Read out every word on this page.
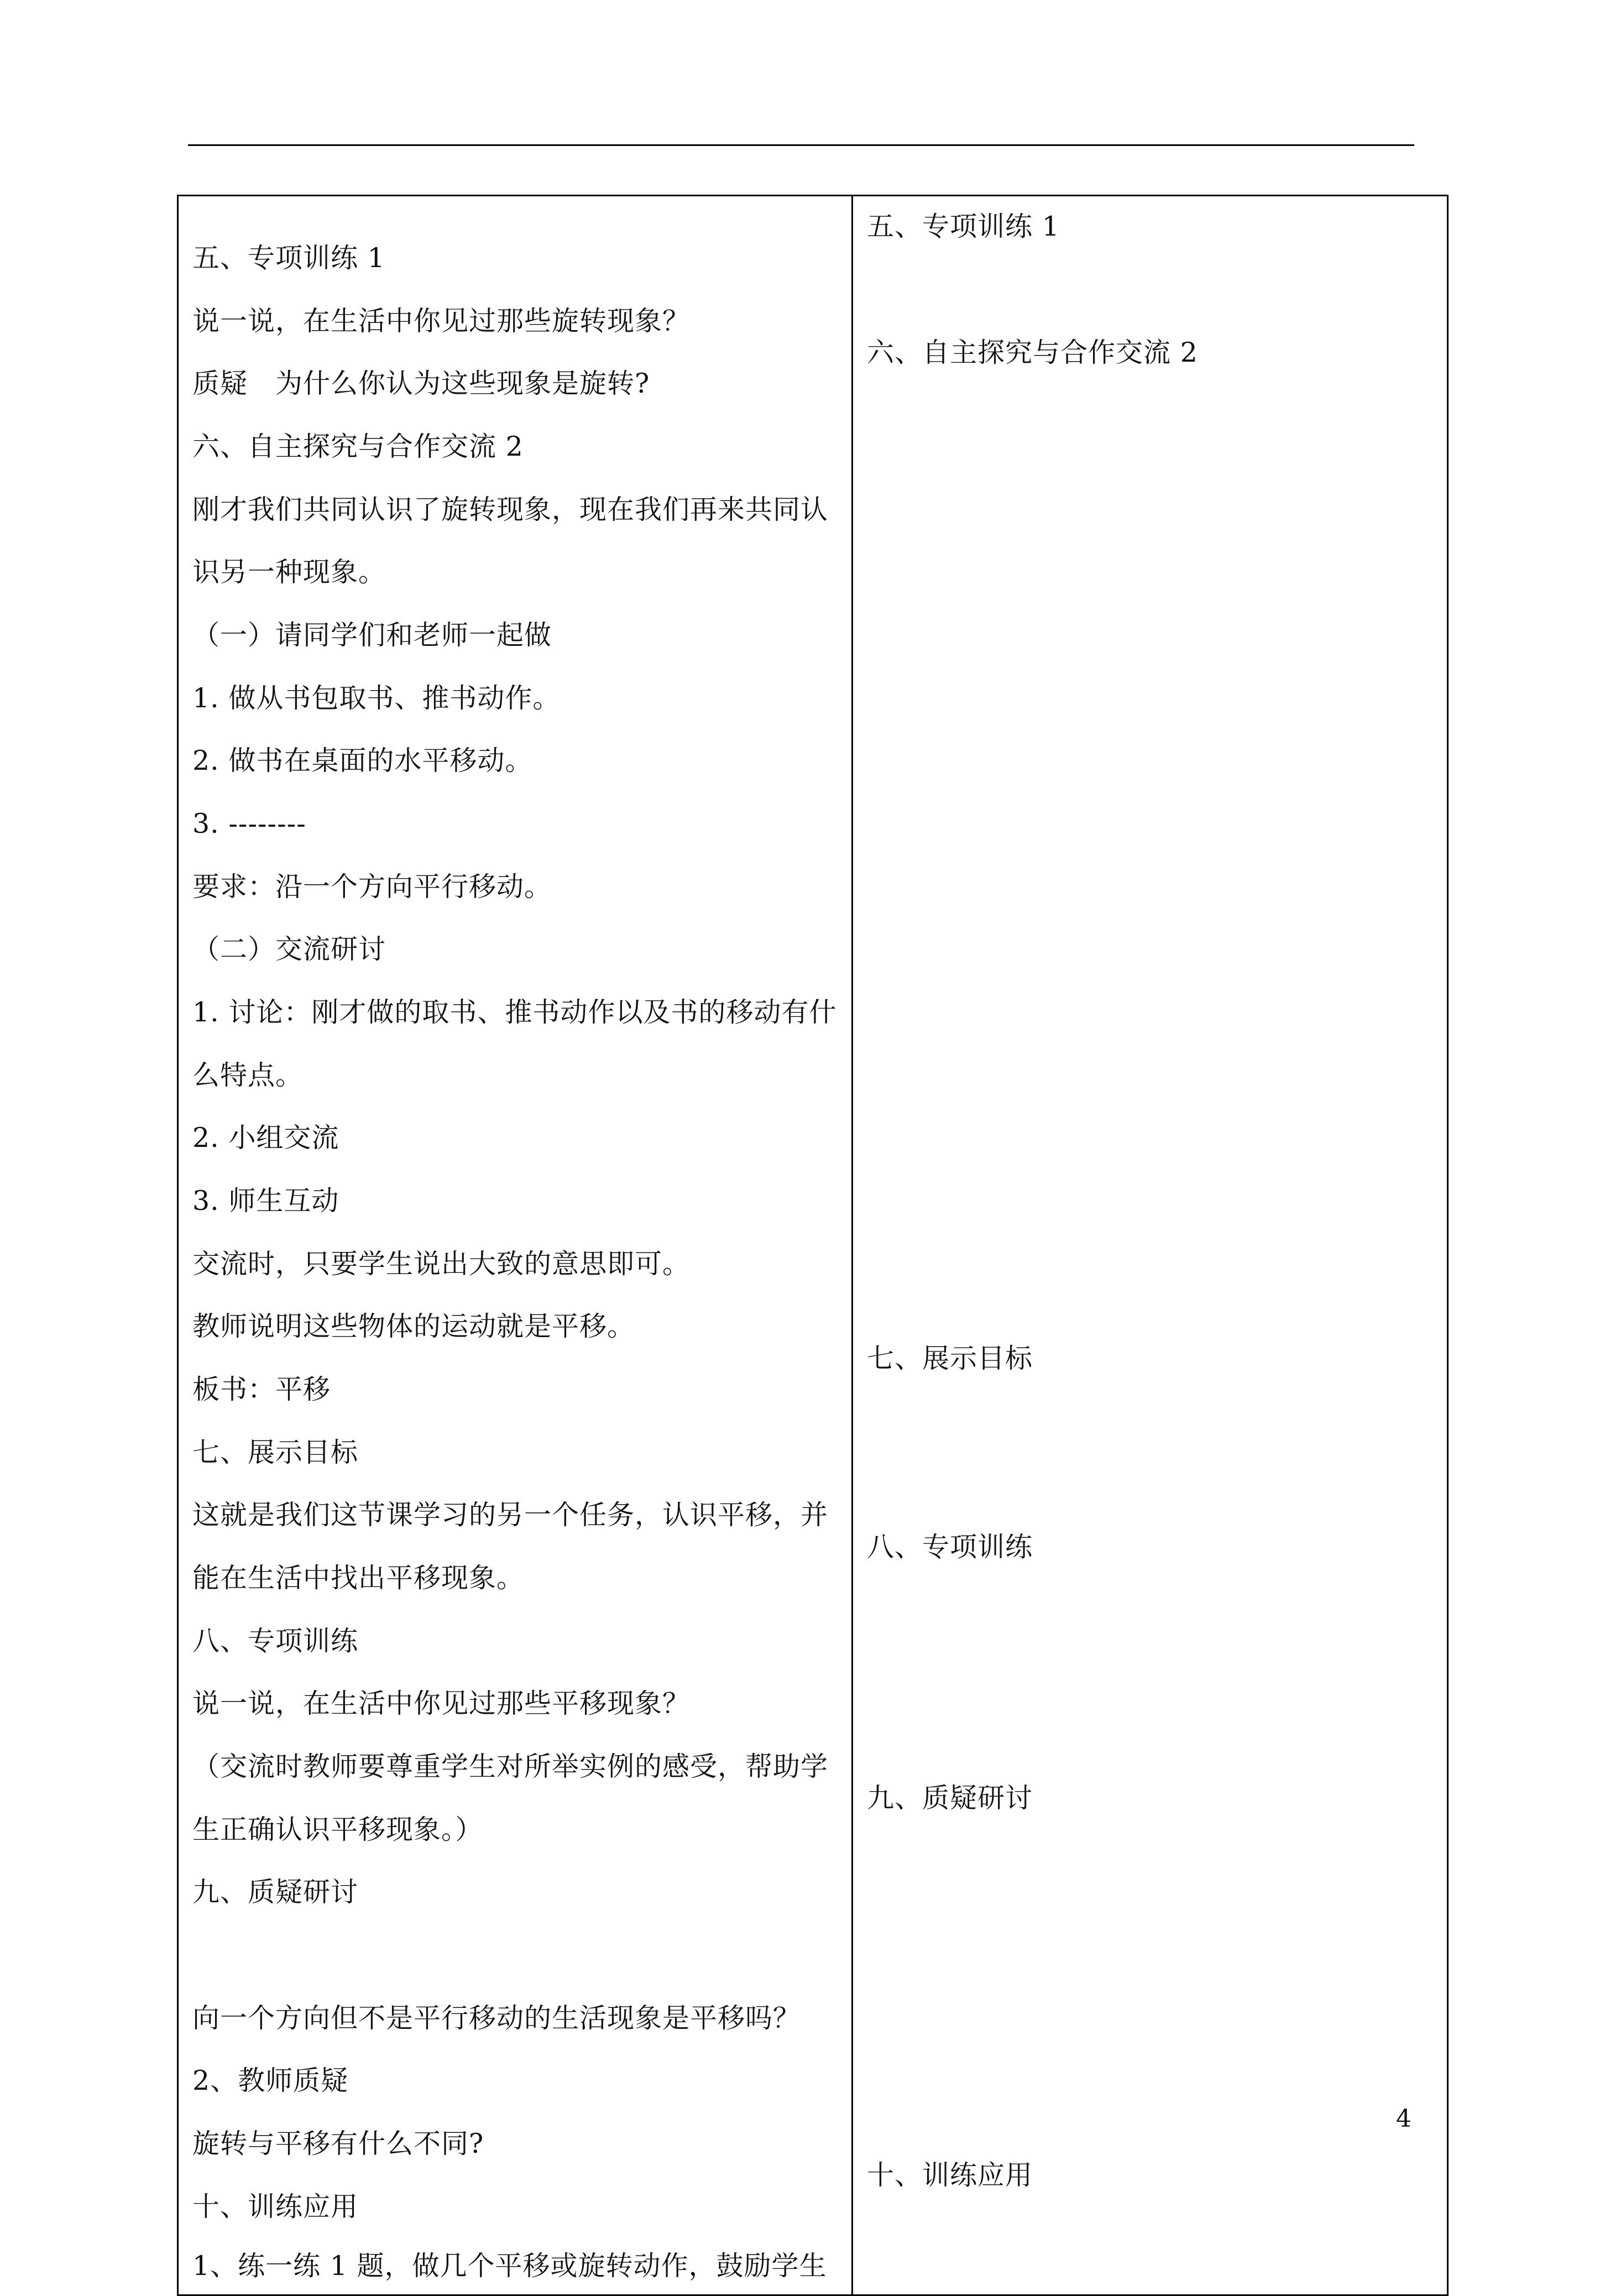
五、专项训练 1
说一说，在生活中你见过那些旋转现象？
质疑　为什么你认为这些现象是旋转?
六、自主探究与合作交流 2
刚才我们共同认识了旋转现象，现在我们再来共同认
识另一种现象。
（一）请同学们和老师一起做
1. 做从书包取书、推书动作。
2. 做书在桌面的水平移动。
3. --------
要求：沿一个方向平行移动。
（二）交流研讨
1. 讨论：刚才做的取书、推书动作以及书的移动有什
么特点。
2. 小组交流
3. 师生互动
交流时，只要学生说出大致的意思即可。
教师说明这些物体的运动就是平移。
板书：平移
七、展示目标
这就是我们这节课学习的另一个任务，认识平移，并
能在生活中找出平移现象。
八、专项训练
说一说，在生活中你见过那些平移现象？
（交流时教师要尊重学生对所举实例的感受，帮助学
生正确认识平移现象。）
九、质疑研讨
向一个方向但不是平行移动的生活现象是平移吗？
2、教师质疑
旋转与平移有什么不同?
十、训练应用
1、练一练 1 题，做几个平移或旋转动作，鼓励学生
五、专项训练 1
六、自主探究与合作交流 2
七、展示目标
八、专项训练
九、质疑研讨
十、训练应用
4
